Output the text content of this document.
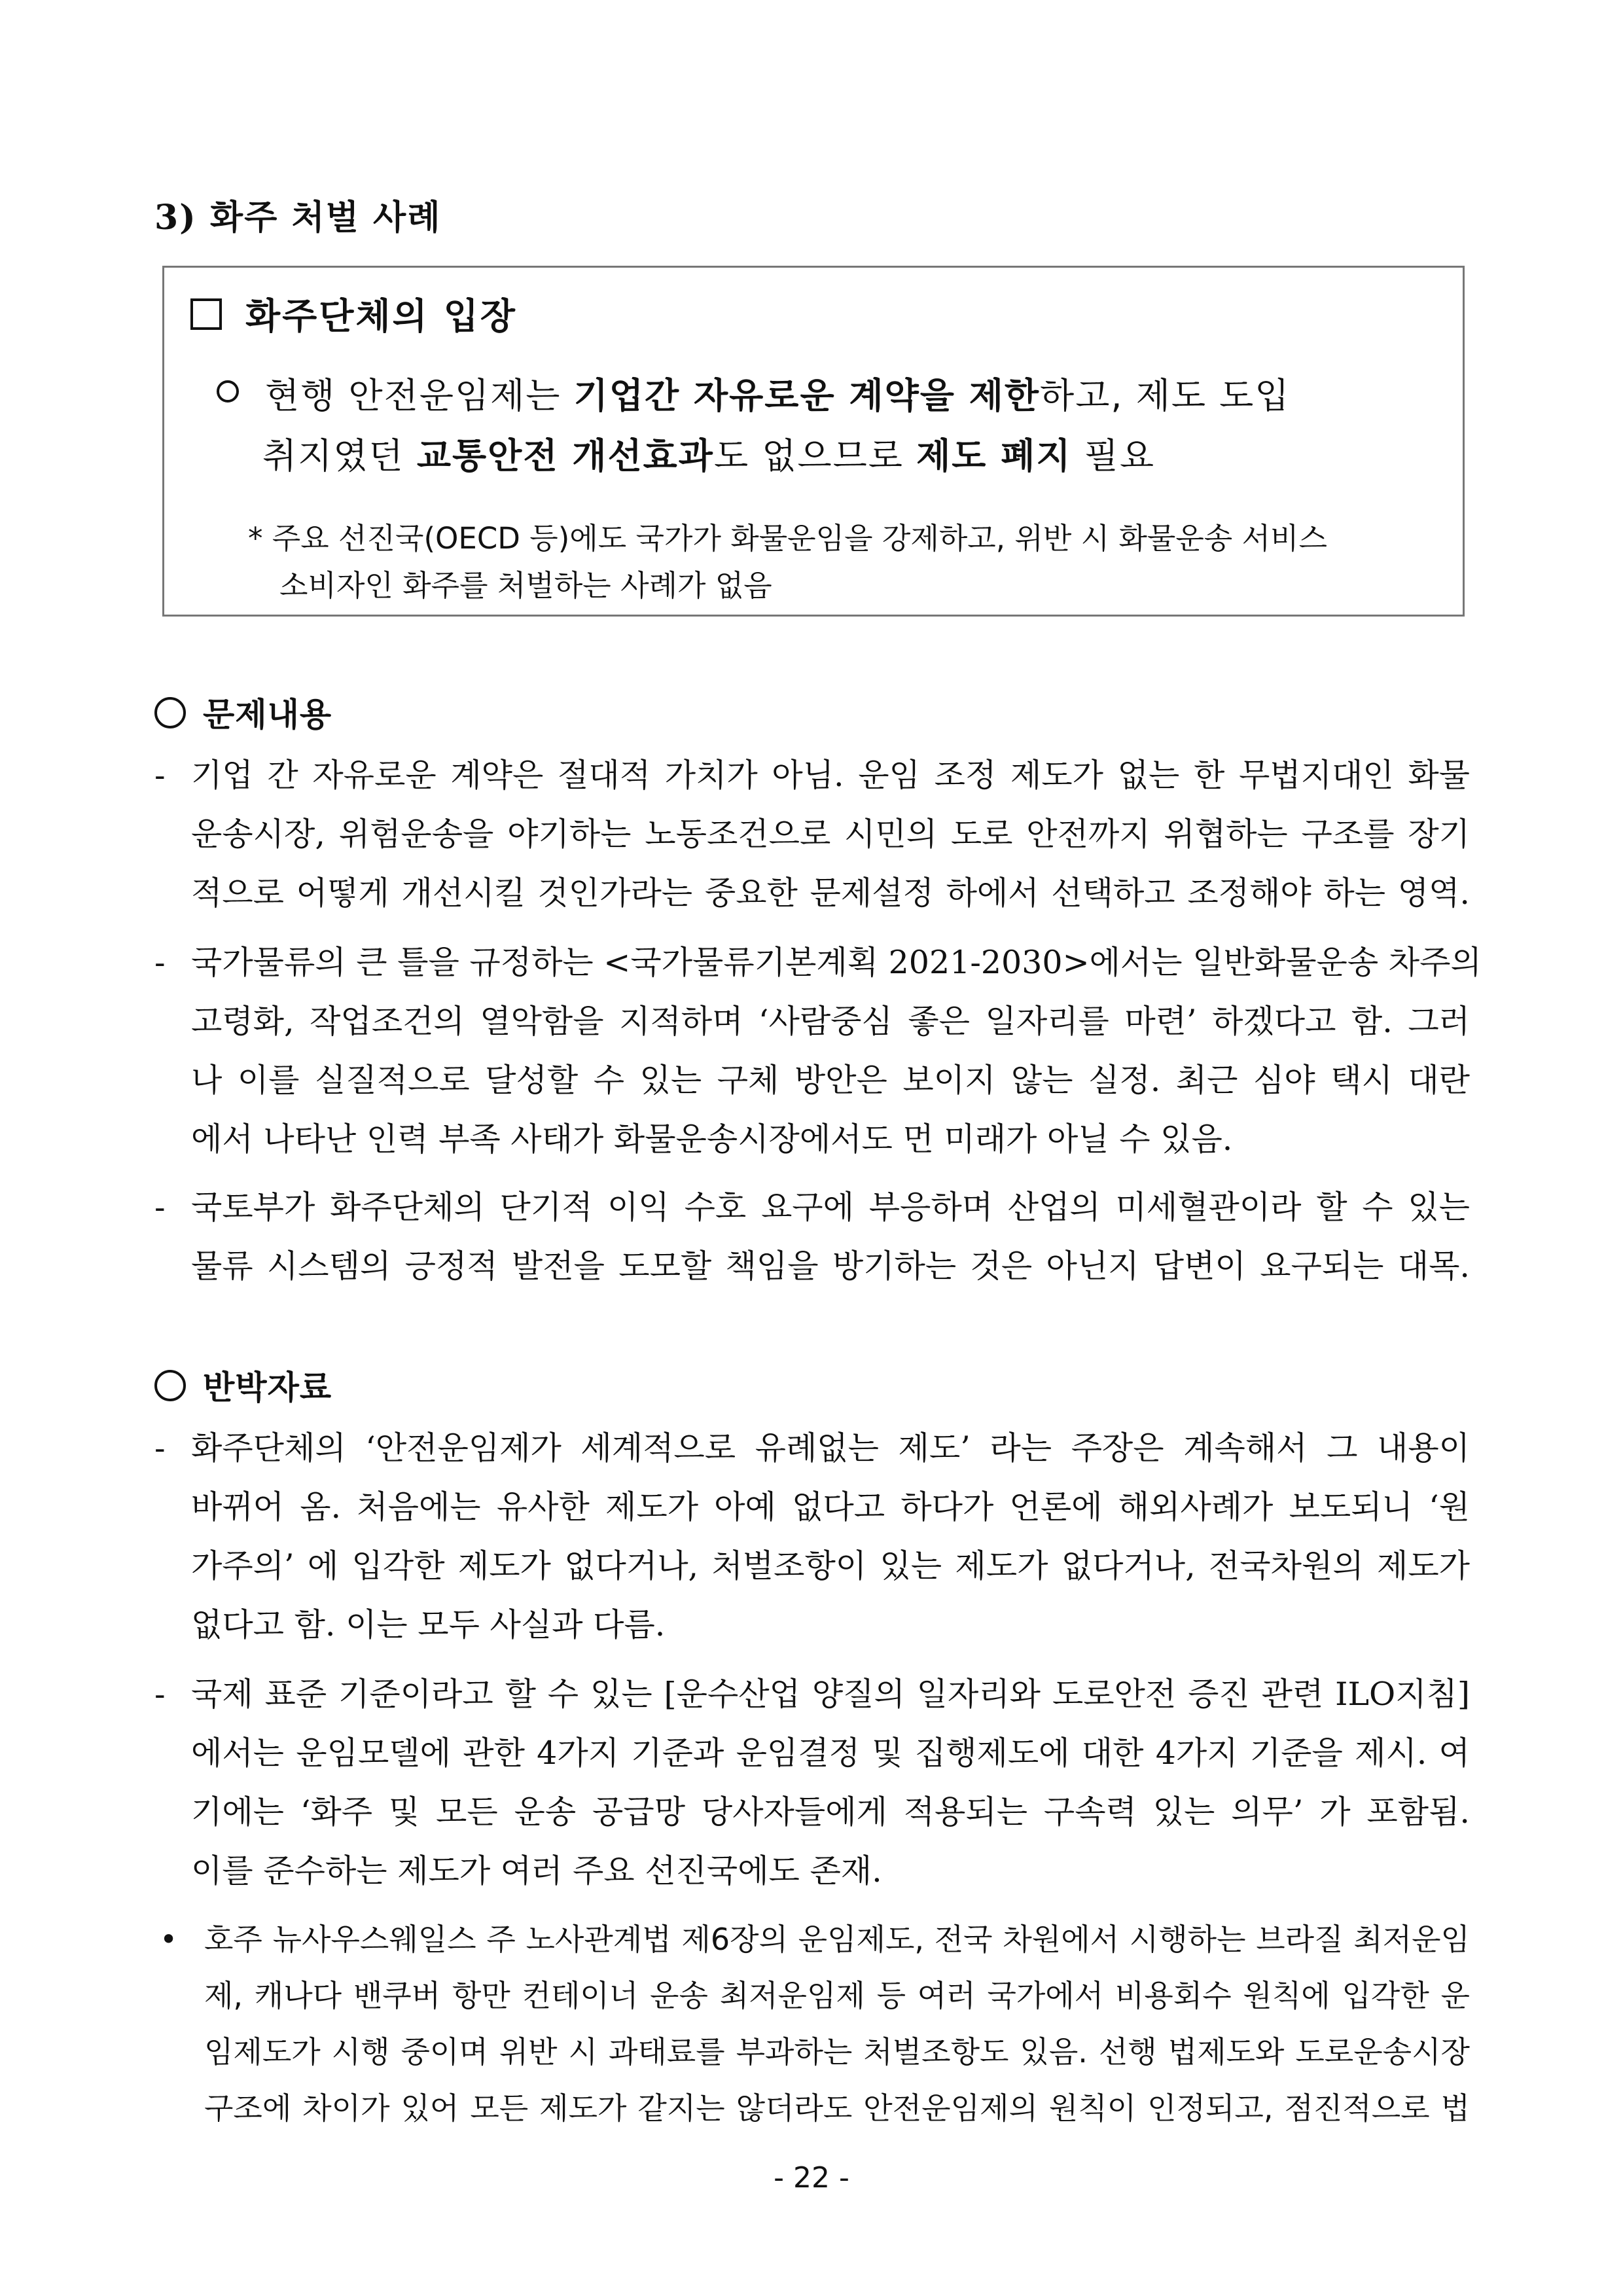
3) 화주 처벌 사례
화주단체의 입장
현행 안전운임제는 기업간 자유로운 계약을 제한하고, 제도 도입
취지였던 교통안전 개선효과도 없으므로 제도 폐지 필요
* 주요 선진국(OECD 등)에도 국가가 화물운임을 강제하고, 위반 시 화물운송 서비스
소비자인 화주를 처벌하는 사례가 없음
문제내용
- 기업 간 자유로운 계약은 절대적 가치가 아님. 운임 조정 제도가 없는 한 무법지대인 화물
운송시장, 위험운송을 야기하는 노동조건으로 시민의 도로 안전까지 위협하는 구조를 장기
적으로 어떻게 개선시킬 것인가라는 중요한 문제설정 하에서 선택하고 조정해야 하는 영역.
- 국가물류의 큰 틀을 규정하는 <국가물류기본계획 2021-2030>에서는 일반화물운송 차주의
고령화, 작업조건의 열악함을 지적하며 ‘사람중심 좋은 일자리를 마련’ 하겠다고 함. 그러
나 이를 실질적으로 달성할 수 있는 구체 방안은 보이지 않는 실정. 최근 심야 택시 대란
에서 나타난 인력 부족 사태가 화물운송시장에서도 먼 미래가 아닐 수 있음.
- 국토부가 화주단체의 단기적 이익 수호 요구에 부응하며 산업의 미세혈관이라 할 수 있는
물류 시스템의 긍정적 발전을 도모할 책임을 방기하는 것은 아닌지 답변이 요구되는 대목.
반박자료
- 화주단체의 ‘안전운임제가 세계적으로 유례없는 제도’ 라는 주장은 계속해서 그 내용이
바뀌어 옴. 처음에는 유사한 제도가 아예 없다고 하다가 언론에 해외사례가 보도되니 ‘원
가주의’ 에 입각한 제도가 없다거나, 처벌조항이 있는 제도가 없다거나, 전국차원의 제도가
없다고 함. 이는 모두 사실과 다름.
- 국제 표준 기준이라고 할 수 있는 [운수산업 양질의 일자리와 도로안전 증진 관련 ILO지침]
에서는 운임모델에 관한 4가지 기준과 운임결정 및 집행제도에 대한 4가지 기준을 제시. 여
기에는 ‘화주 및 모든 운송 공급망 당사자들에게 적용되는 구속력 있는 의무’ 가 포함됨.
이를 준수하는 제도가 여러 주요 선진국에도 존재.
• 호주 뉴사우스웨일스 주 노사관계법 제6장의 운임제도, 전국 차원에서 시행하는 브라질 최저운임
제, 캐나다 밴쿠버 항만 컨테이너 운송 최저운임제 등 여러 국가에서 비용회수 원칙에 입각한 운
임제도가 시행 중이며 위반 시 과태료를 부과하는 처벌조항도 있음. 선행 법제도와 도로운송시장
구조에 차이가 있어 모든 제도가 같지는 않더라도 안전운임제의 원칙이 인정되고, 점진적으로 법
- 22 -
